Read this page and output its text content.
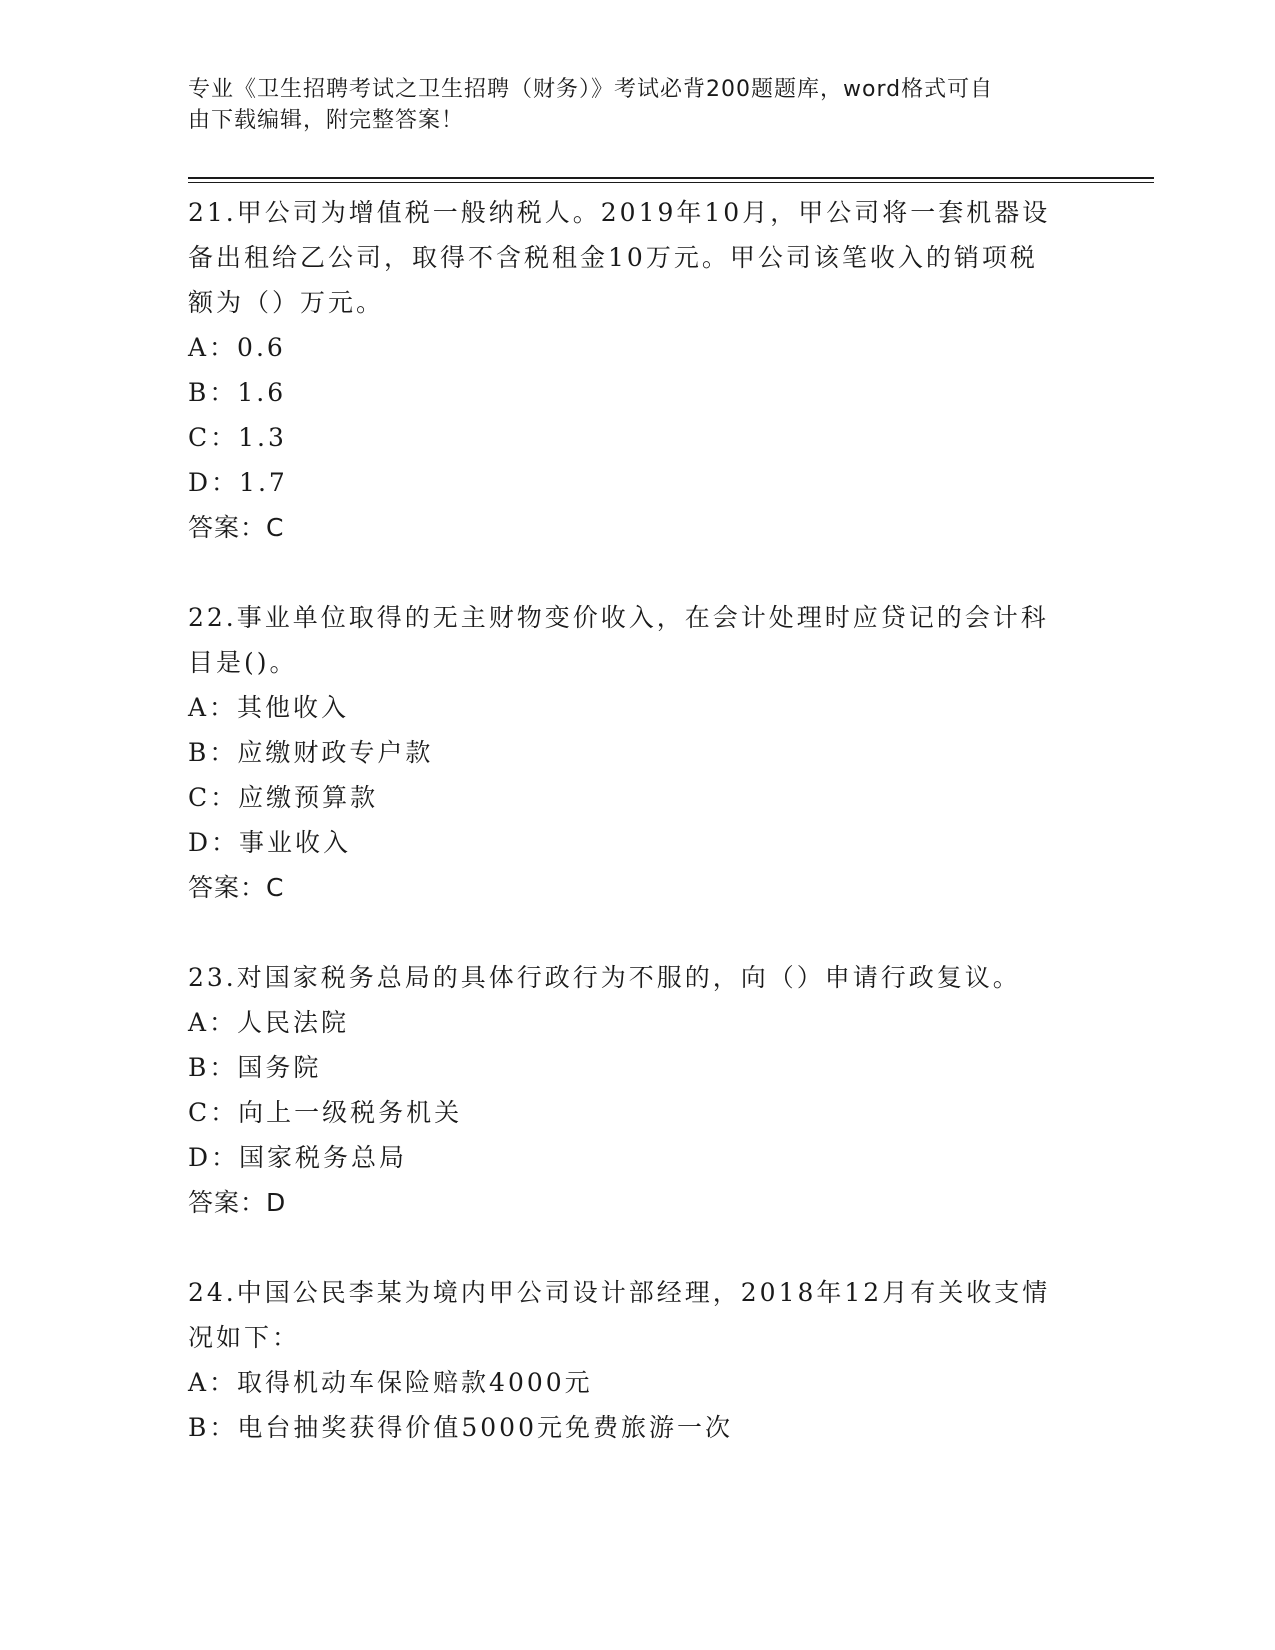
专业《卫生招聘考试之卫生招聘（财务）》考试必背200题题库，word格式可自
由下载编辑，附完整答案！
21.甲公司为增值税一般纳税人。2019年10月，甲公司将一套机器设
备出租给乙公司，取得不含税租金10万元。甲公司该笔收入的销项税
额为（）万元。
A：0.6
B：1.6
C：1.3
D：1.7
答案：C
22.事业单位取得的无主财物变价收入，在会计处理时应贷记的会计科
目是()。
A：其他收入
B：应缴财政专户款
C：应缴预算款
D：事业收入
答案：C
23.对国家税务总局的具体行政行为不服的，向（）申请行政复议。
A：人民法院
B：国务院
C：向上一级税务机关
D：国家税务总局
答案：D
24.中国公民李某为境内甲公司设计部经理，2018年12月有关收支情
况如下：
A：取得机动车保险赔款4000元
B：电台抽奖获得价值5000元免费旅游一次
